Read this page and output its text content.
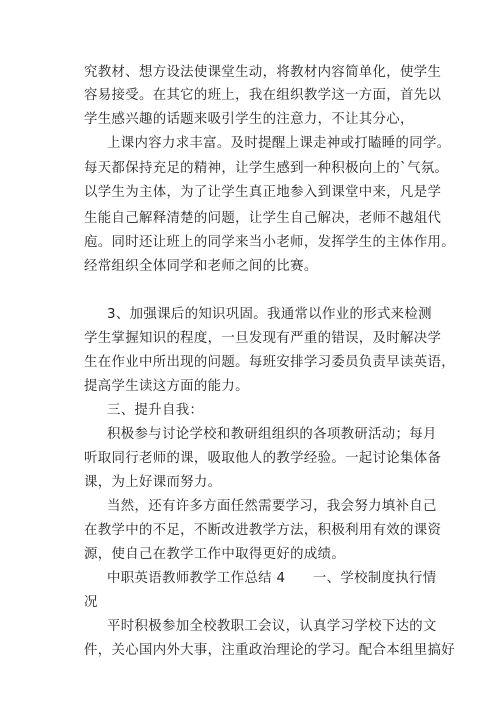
究教材、想方设法使课堂生动，将教材内容简单化，使学生
容易接受。在其它的班上，我在组织教学这一方面，首先以
学生感兴趣的话题来吸引学生的注意力，不让其分心，
上课内容力求丰富。及时提醒上课走神或打瞌睡的同学。
每天都保持充足的精神，让学生感到一种积极向上的`气氛。
以学生为主体，为了让学生真正地参入到课堂中来，凡是学
生能自己解释清楚的问题，让学生自己解决，老师不越俎代
庖。同时还让班上的同学来当小老师，发挥学生的主体作用。
经常组织全体同学和老师之间的比赛。
3、加强课后的知识巩固。我通常以作业的形式来检测
学生掌握知识的程度，一旦发现有严重的错误，及时解决学
生在作业中所出现的问题。每班安排学习委员负责早读英语，
提高学生读这方面的能力。
三、提升自我：
积极参与讨论学校和教研组组织的各项教研活动；每月
听取同行老师的课，吸取他人的教学经验。一起讨论集体备
课，为上好课而努力。
当然，还有许多方面任然需要学习，我会努力填补自己
在教学中的不足，不断改进教学方法，积极利用有效的课资
源，使自己在教学工作中取得更好的成绩。
中职英语教师教学工作总结 4　　一、学校制度执行情
况
平时积极参加全校教职工会议，认真学习学校下达的文
件，关心国内外大事，注重政治理论的学习。配合本组里搞好
